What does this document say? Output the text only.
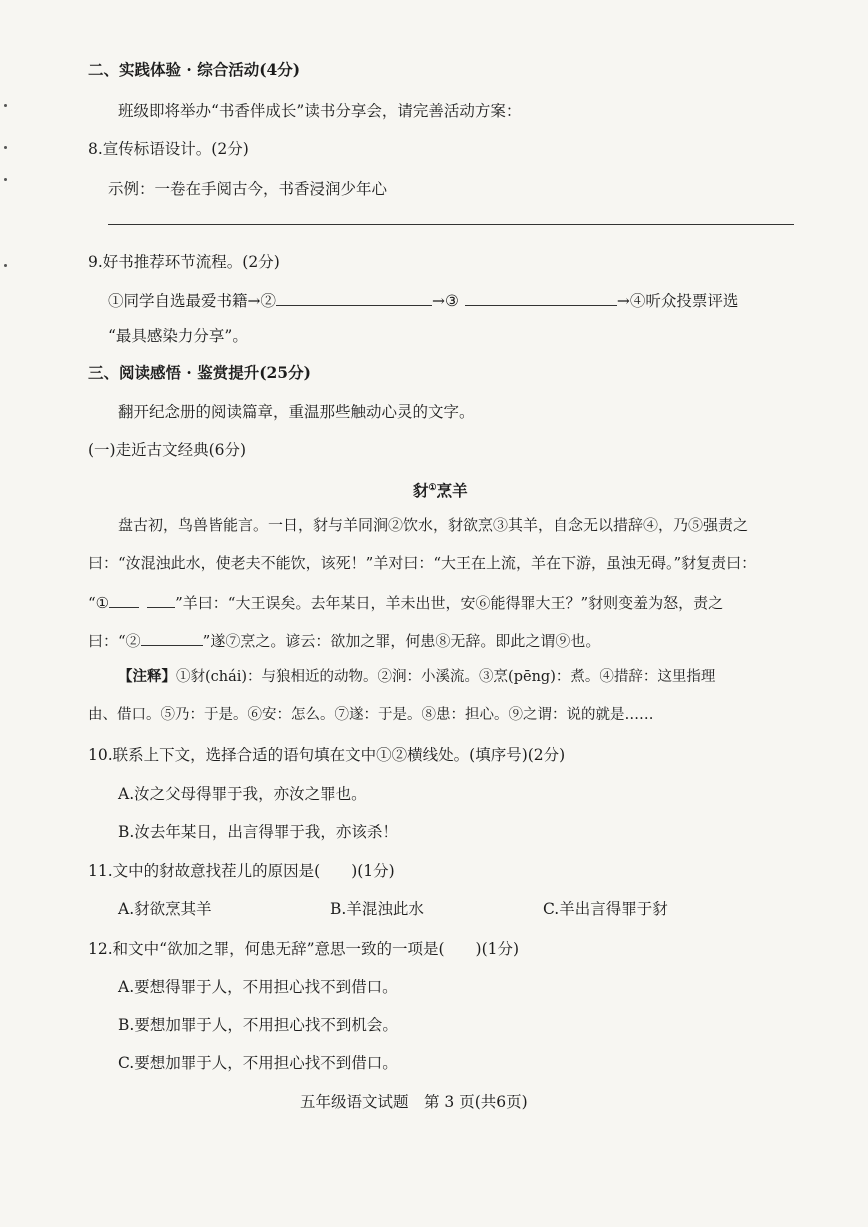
二、实践体验 · 综合活动(4分)
班级即将举办“书香伴成长”读书分享会，请完善活动方案：
8.宣传标语设计。(2分)
示例：一卷在手阅古今，书香浸润少年心
9.好书推荐环节流程。(2分)
①同学自选最爱书籍→②	→③	→④听众投票评选
“最具感染力分享”。
三、阅读感悟 · 鉴赏提升(25分)
翻开纪念册的阅读篇章，重温那些触动心灵的文字。
(一)走近古文经典(6分)
豺①烹羊
盘古初，鸟兽皆能言。一日，豺与羊同涧②饮水，豺欲烹③其羊，自念无以措辞④，乃⑤强责之
曰：“汝混浊此水，使老夫不能饮，该死！”羊对曰：“大王在上流，羊在下游，虽浊无碍。”豺复责曰：
“①	”羊曰：“大王误矣。去年某日，羊未出世，安⑥能得罪大王？”豺则变羞为怒，责之
曰：“②	”遂⑦烹之。谚云：欲加之罪，何患⑧无辞。即此之谓⑨也。
【注释】①豺(chái)：与狼相近的动物。②涧：小溪流。③烹(pēng)：煮。④措辞：这里指理
由、借口。⑤乃：于是。⑥安：怎么。⑦遂：于是。⑧患：担心。⑨之谓：说的就是……
10.联系上下文，选择合适的语句填在文中①②横线处。(填序号)(2分)
A.汝之父母得罪于我，亦汝之罪也。
B.汝去年某日，出言得罪于我，亦该杀！
11.文中的豺故意找茬儿的原因是(　　)(1分)
A.豺欲烹其羊	B.羊混浊此水	C.羊出言得罪于豺
12.和文中“欲加之罪，何患无辞”意思一致的一项是(　　)(1分)
A.要想得罪于人，不用担心找不到借口。
B.要想加罪于人，不用担心找不到机会。
C.要想加罪于人，不用担心找不到借口。
五年级语文试题　第 3 页(共6页)
